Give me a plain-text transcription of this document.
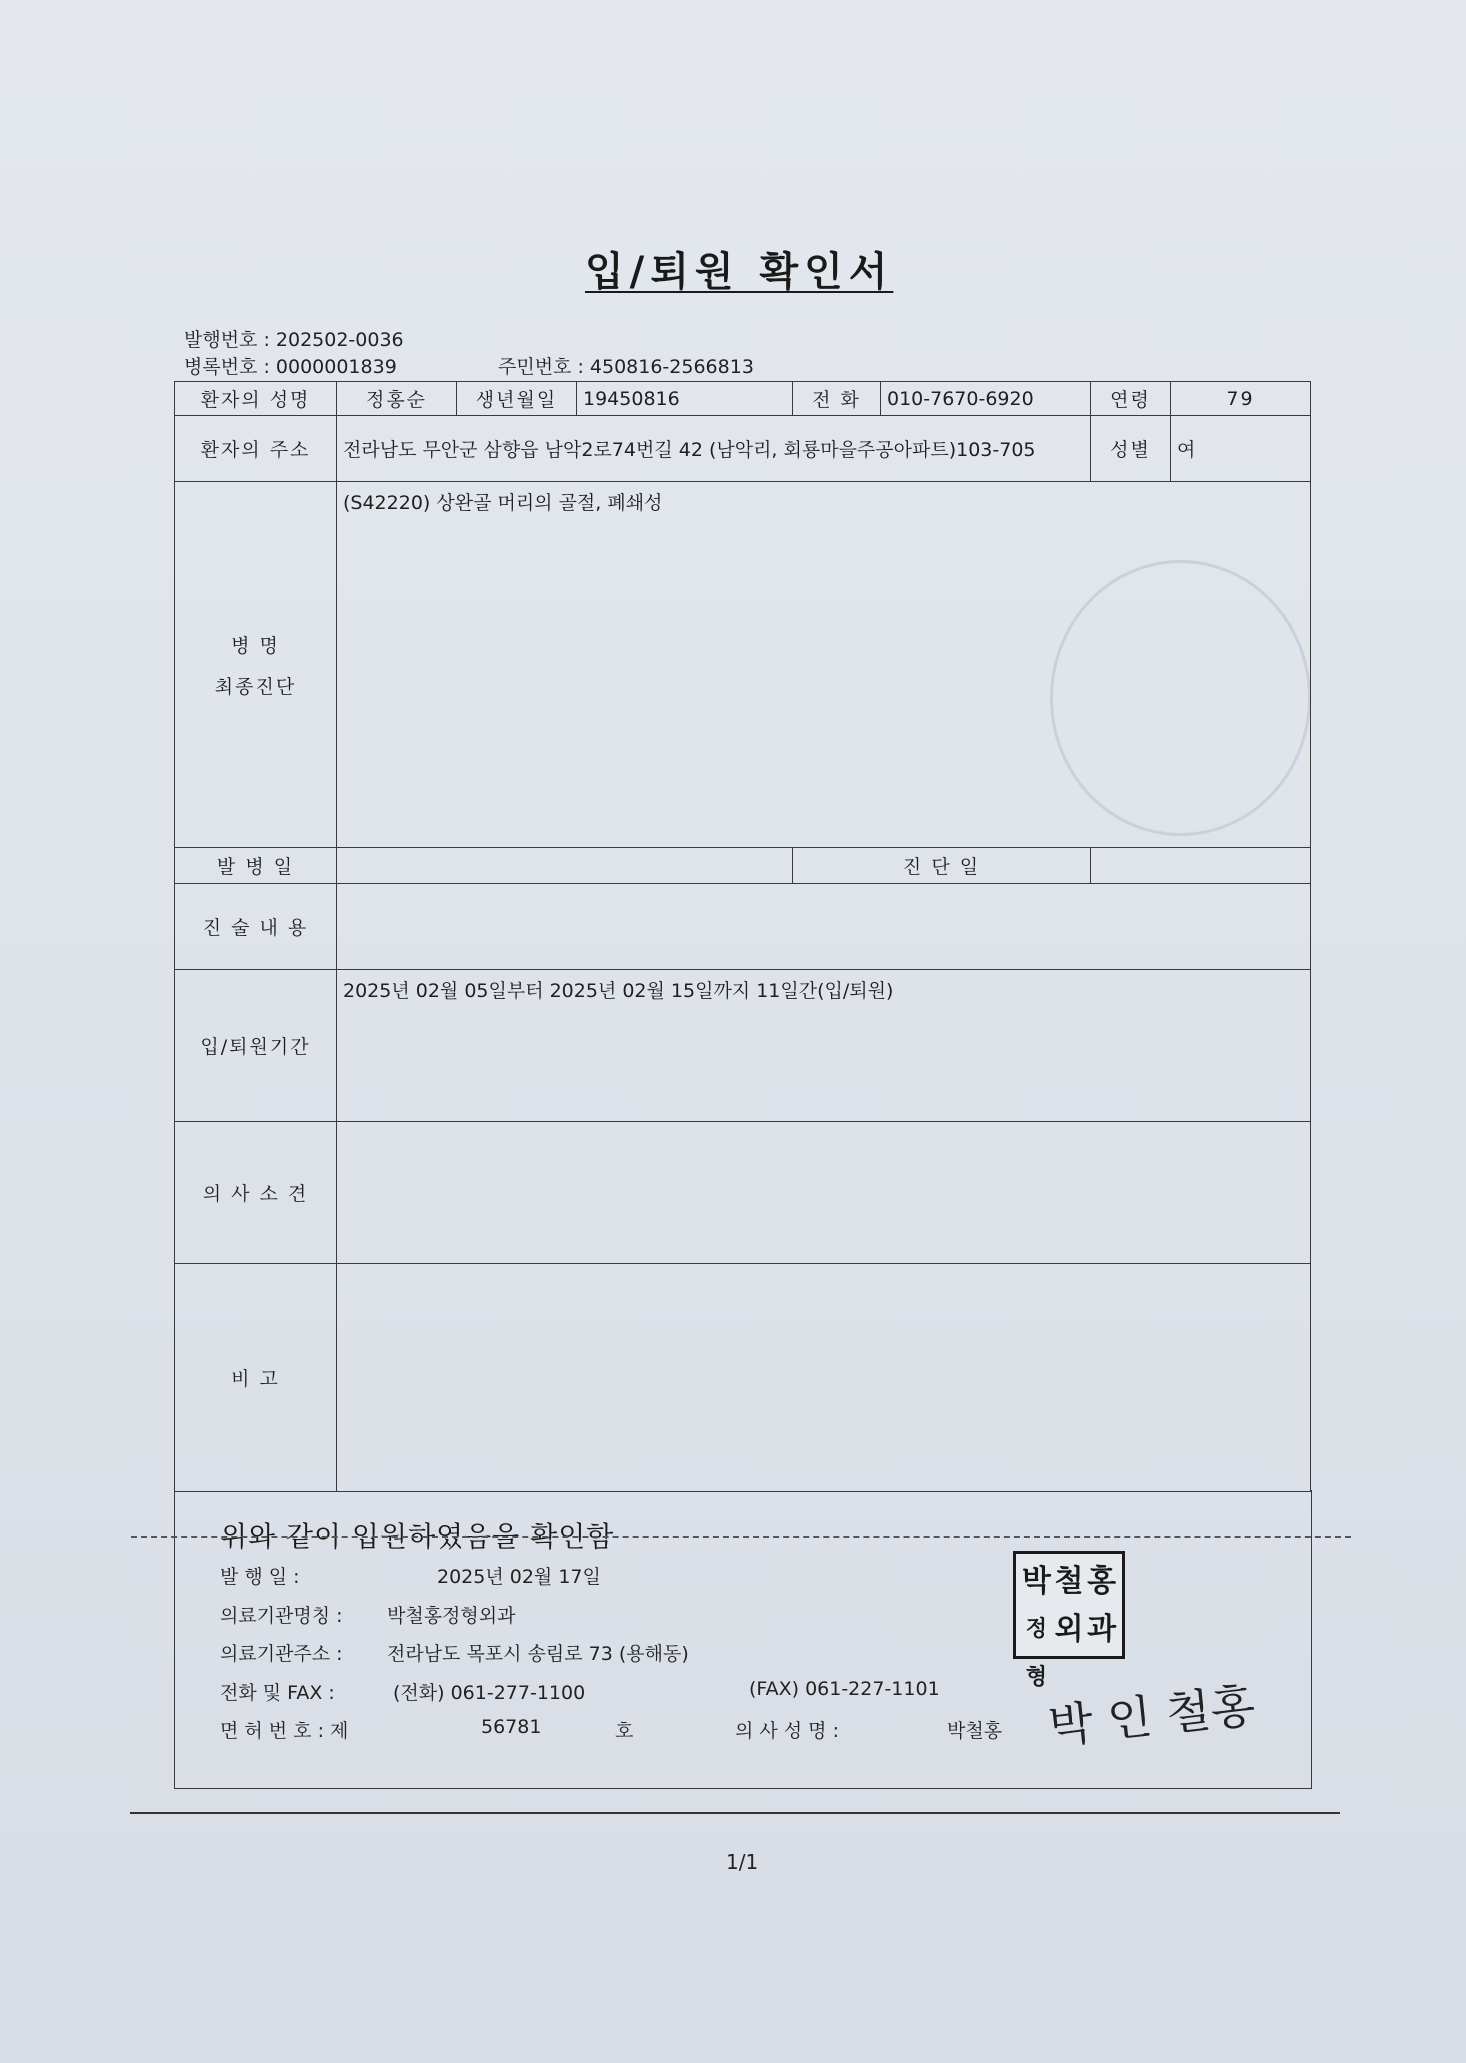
입/퇴원 확인서
발행번호 : 202502-0036
병록번호 : 0000001839	주민번호 : 450816-2566813
환자의 성명	정홍순	생년월일	19450816	전 화	010-7670-6920	연령	79
환자의 주소	전라남도 무안군 삼향읍 남악2로74번길 42 (남악리, 회룡마을주공아파트)103-705					성별	여

병 명
최종진단	(S42220) 상완골 머리의 골절, 폐쇄성						
발 병 일				진 단 일			
진 술 내 용							
입/퇴원기간	2025년 02월 05일부터 2025년 02월 15일까지 11일간(입/퇴원)						
의 사 소 견							
비 고							
위와 같이 입원하였음을 확인함
발 행 일 :	2025년 02월 17일
의료기관명칭 : 박철홍정형외과
의료기관주소 : 전라남도 목포시 송림로 73 (용해동)
전화 및 FAX :	(전화) 061-277-1100	(FAX) 061-227-1101
면 허 번 호 : 제	56781	호	의 사 성 명 :	박철홍
박 철 홍
정형
외 과
박 인 철홍
1/1
